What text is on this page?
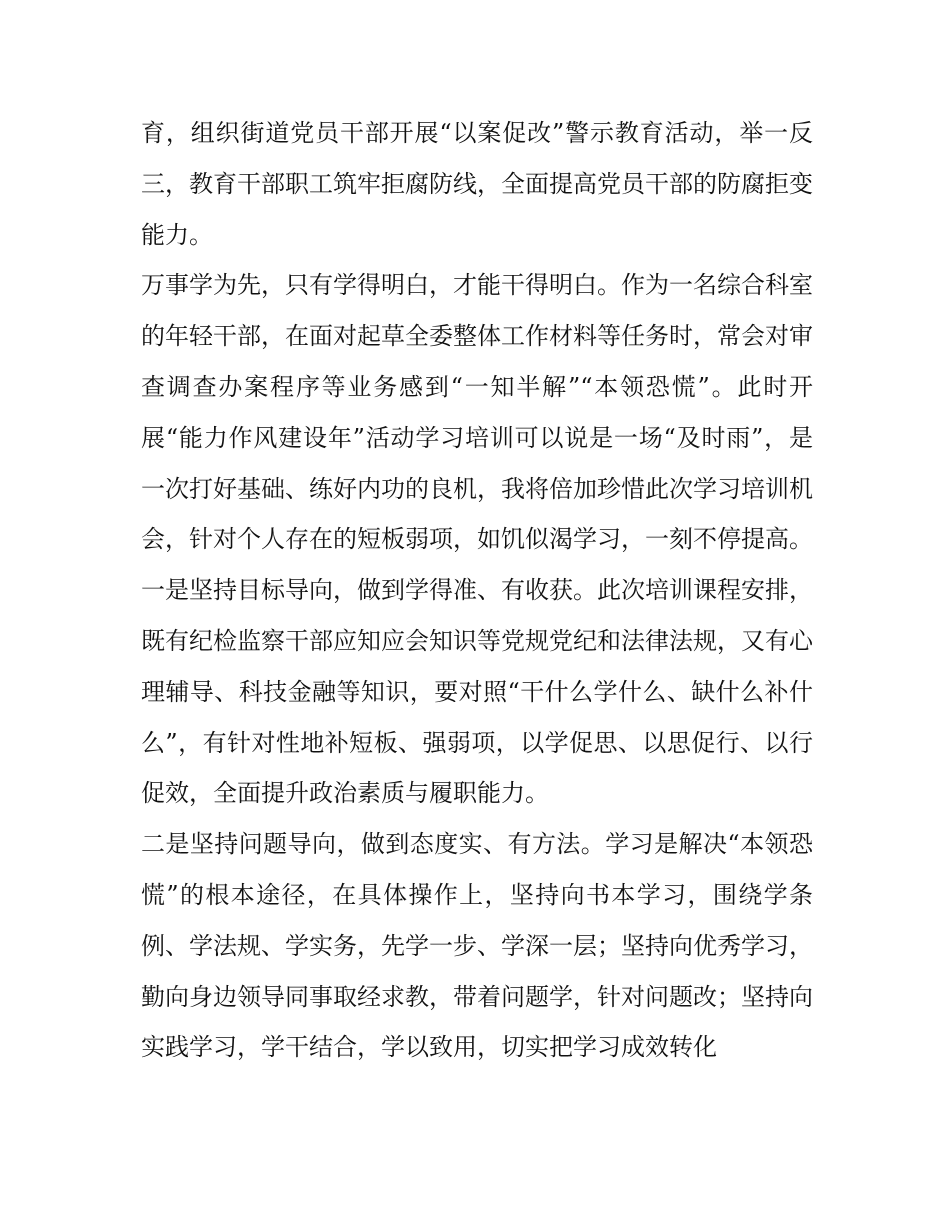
育，组织街道党员干部开展“以案促改”警示教育活动，举一反三，教育干部职工筑牢拒腐防线，全面提高党员干部的防腐拒变能力。

万事学为先，只有学得明白，才能干得明白。作为一名综合科室的年轻干部，在面对起草全委整体工作材料等任务时，常会对审查调查办案程序等业务感到“一知半解”“本领恐慌”。此时开展“能力作风建设年”活动学习培训可以说是一场“及时雨”，是一次打好基础、练好内功的良机，我将倍加珍惜此次学习培训机会，针对个人存在的短板弱项，如饥似渴学习，一刻不停提高。

一是坚持目标导向，做到学得准、有收获。此次培训课程安排，既有纪检监察干部应知应会知识等党规党纪和法律法规，又有心理辅导、科技金融等知识，要对照“干什么学什么、缺什么补什么”，有针对性地补短板、强弱项，以学促思、以思促行、以行促效，全面提升政治素质与履职能力。

二是坚持问题导向，做到态度实、有方法。学习是解决“本领恐慌”的根本途径，在具体操作上，坚持向书本学习，围绕学条例、学法规、学实务，先学一步、学深一层；坚持向优秀学习，勤向身边领导同事取经求教，带着问题学，针对问题改；坚持向实践学习，学干结合，学以致用，切实把学习成效转化
